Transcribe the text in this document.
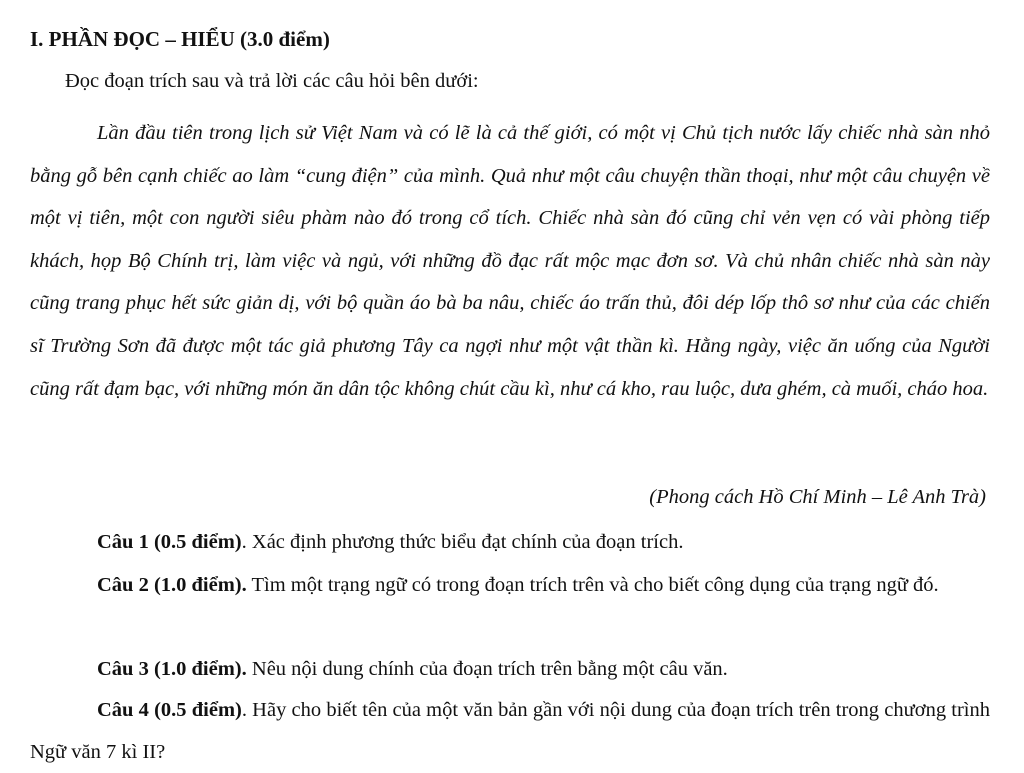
I. PHẦN ĐỌC – HIỂU (3.0 điểm)
Đọc đoạn trích sau và trả lời các câu hỏi bên dưới:

Lần đầu tiên trong lịch sử Việt Nam và có lẽ là cả thế giới, có một vị Chủ tịch nước lấy chiếc nhà sàn nhỏ bằng gỗ bên cạnh chiếc ao làm “cung điện” của mình. Quả như một câu chuyện thần thoại, như một câu chuyện về một vị tiên, một con người siêu phàm nào đó trong cổ tích. Chiếc nhà sàn đó cũng chỉ vẻn vẹn có vài phòng tiếp khách, họp Bộ Chính trị, làm việc và ngủ, với những đồ đạc rất mộc mạc đơn sơ. Và chủ nhân chiếc nhà sàn này cũng trang phục hết sức giản dị, với bộ quần áo bà ba nâu, chiếc áo trấn thủ, đôi dép lốp thô sơ như của các chiến sĩ Trường Sơn đã được một tác giả phương Tây ca ngợi như một vật thần kì. Hằng ngày, việc ăn uống của Người cũng rất đạm bạc, với những món ăn dân tộc không chút cầu kì, như cá kho, rau luộc, dưa ghém, cà muối, cháo hoa.

(Phong cách Hồ Chí Minh – Lê Anh Trà)

Câu 1 (0.5 điểm). Xác định phương thức biểu đạt chính của đoạn trích.

Câu 2 (1.0 điểm). Tìm một trạng ngữ có trong đoạn trích trên và cho biết công dụng của trạng ngữ đó.

Câu 3 (1.0 điểm). Nêu nội dung chính của đoạn trích trên bằng một câu văn.

Câu 4 (0.5 điểm). Hãy cho biết tên của một văn bản gần với nội dung của đoạn trích trên trong chương trình Ngữ văn 7 kì II?
